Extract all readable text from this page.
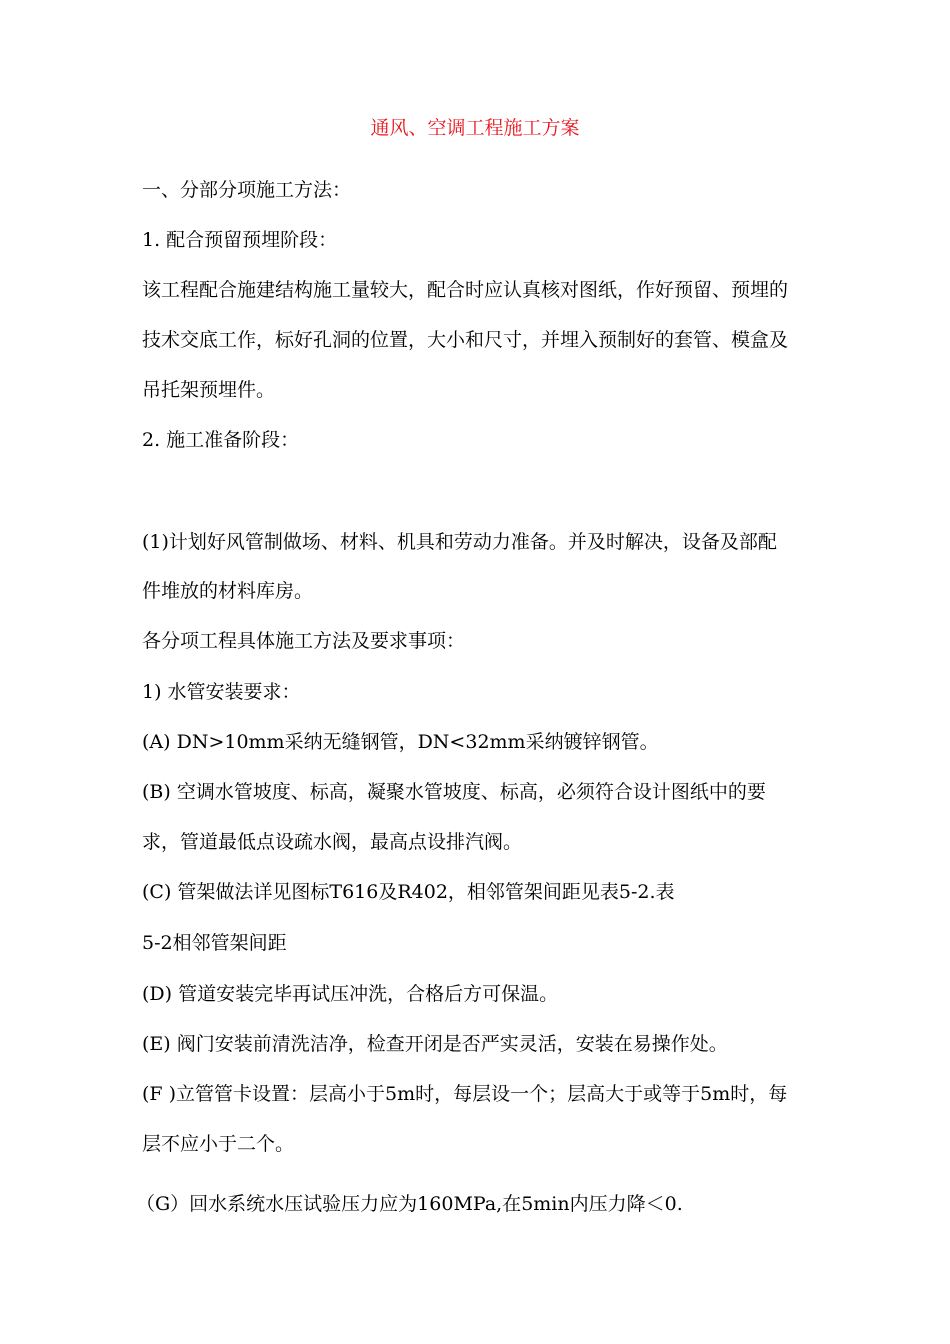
通风、空调工程施工方案
一、分部分项施工方法：
1. 配合预留预埋阶段：
该工程配合施建结构施工量较大，配合时应认真核对图纸，作好预留、预埋的
技术交底工作，标好孔洞的位置，大小和尺寸，并埋入预制好的套管、模盒及
吊托架预埋件。
2. 施工准备阶段：
(1)计划好风管制做场、材料、机具和劳动力准备。并及时解决，设备及部配
件堆放的材料库房。
各分项工程具体施工方法及要求事项：
1) 水管安装要求：
(A) DN>10mm采纳无缝钢管，DN<32mm采纳镀锌钢管。
(B) 空调水管坡度、标高，凝聚水管坡度、标高，必须符合设计图纸中的要
求，管道最低点设疏水阀，最高点设排汽阀。
(C) 管架做法详见图标T616及R402，相邻管架间距见表5-2.表
5-2相邻管架间距
(D) 管道安装完毕再试压冲洗，合格后方可保温。
(E) 阀门安装前清洗洁净，检查开闭是否严实灵活，安装在易操作处。
(F )立管管卡设置：层高小于5m时，每层设一个；层高大于或等于5m时，每
层不应小于二个。
（G）回水系统水压试验压力应为160MPa,在5min内压力降＜0.
